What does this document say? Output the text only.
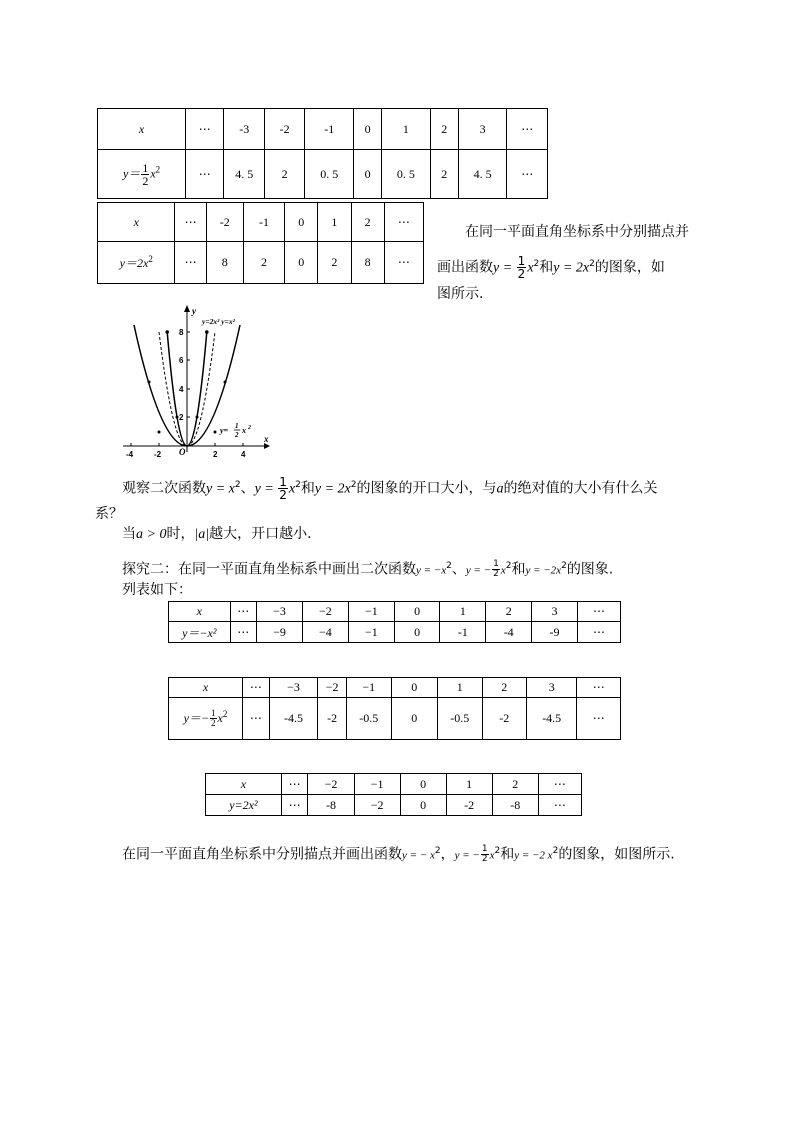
x	⋯	-3	-2	-1	0	1	2	3	⋯
$y= \frac{1}{2} x^2$	⋯	4. 5	2	0. 5	0	0. 5	2	4. 5	⋯
x	⋯	-2	-1	0	1	2	⋯
$y=2x^2$	⋯	8	2	0	2	8	⋯
在同一平面直角坐标系中分别描点并
画出函数$y = \frac{1}{2} x^2$和$y = 2x^2$的图象，如
图所示.
y
x
O
8
6
4
2
-4	-2	2	4
y=2x² y=x²
y= 1
2 x 2
观察二次函数$y = x^2$、$y = \frac{1}{2} x^2$和$y = 2x^2$的图象的开口大小，与a的绝对值的大小有什么关
系？
当a > 0时，|a|越大，开口越小.
探究二：在同一平面直角坐标系中画出二次函数$y = -x^2$、y = − $\frac{1}{2} x^2$和$y = -2x^2$的图象.
列表如下：
x	⋯	−3	−2	−1	0	1	2	3	⋯
y＝−x²	⋯	−9	−4	−1	0	-1	-4	-9	⋯
x	⋯	−3	−2	−1	0	1	2	3	⋯
$y=- \frac{1}{2} x^2$	⋯	-4.5	-2	-0.5	0	-0.5	-2	-4.5	⋯
x	⋯	−2	−1	0	1	2	⋯
y=2x²	⋯	-8	−2	0	-2	-8	⋯
在同一平面直角坐标系中分别描点并画出函数y = − $x^2$，y = − $\frac{1}{2} x^2$和y = −2 $x^2$的图象，如图所示.
